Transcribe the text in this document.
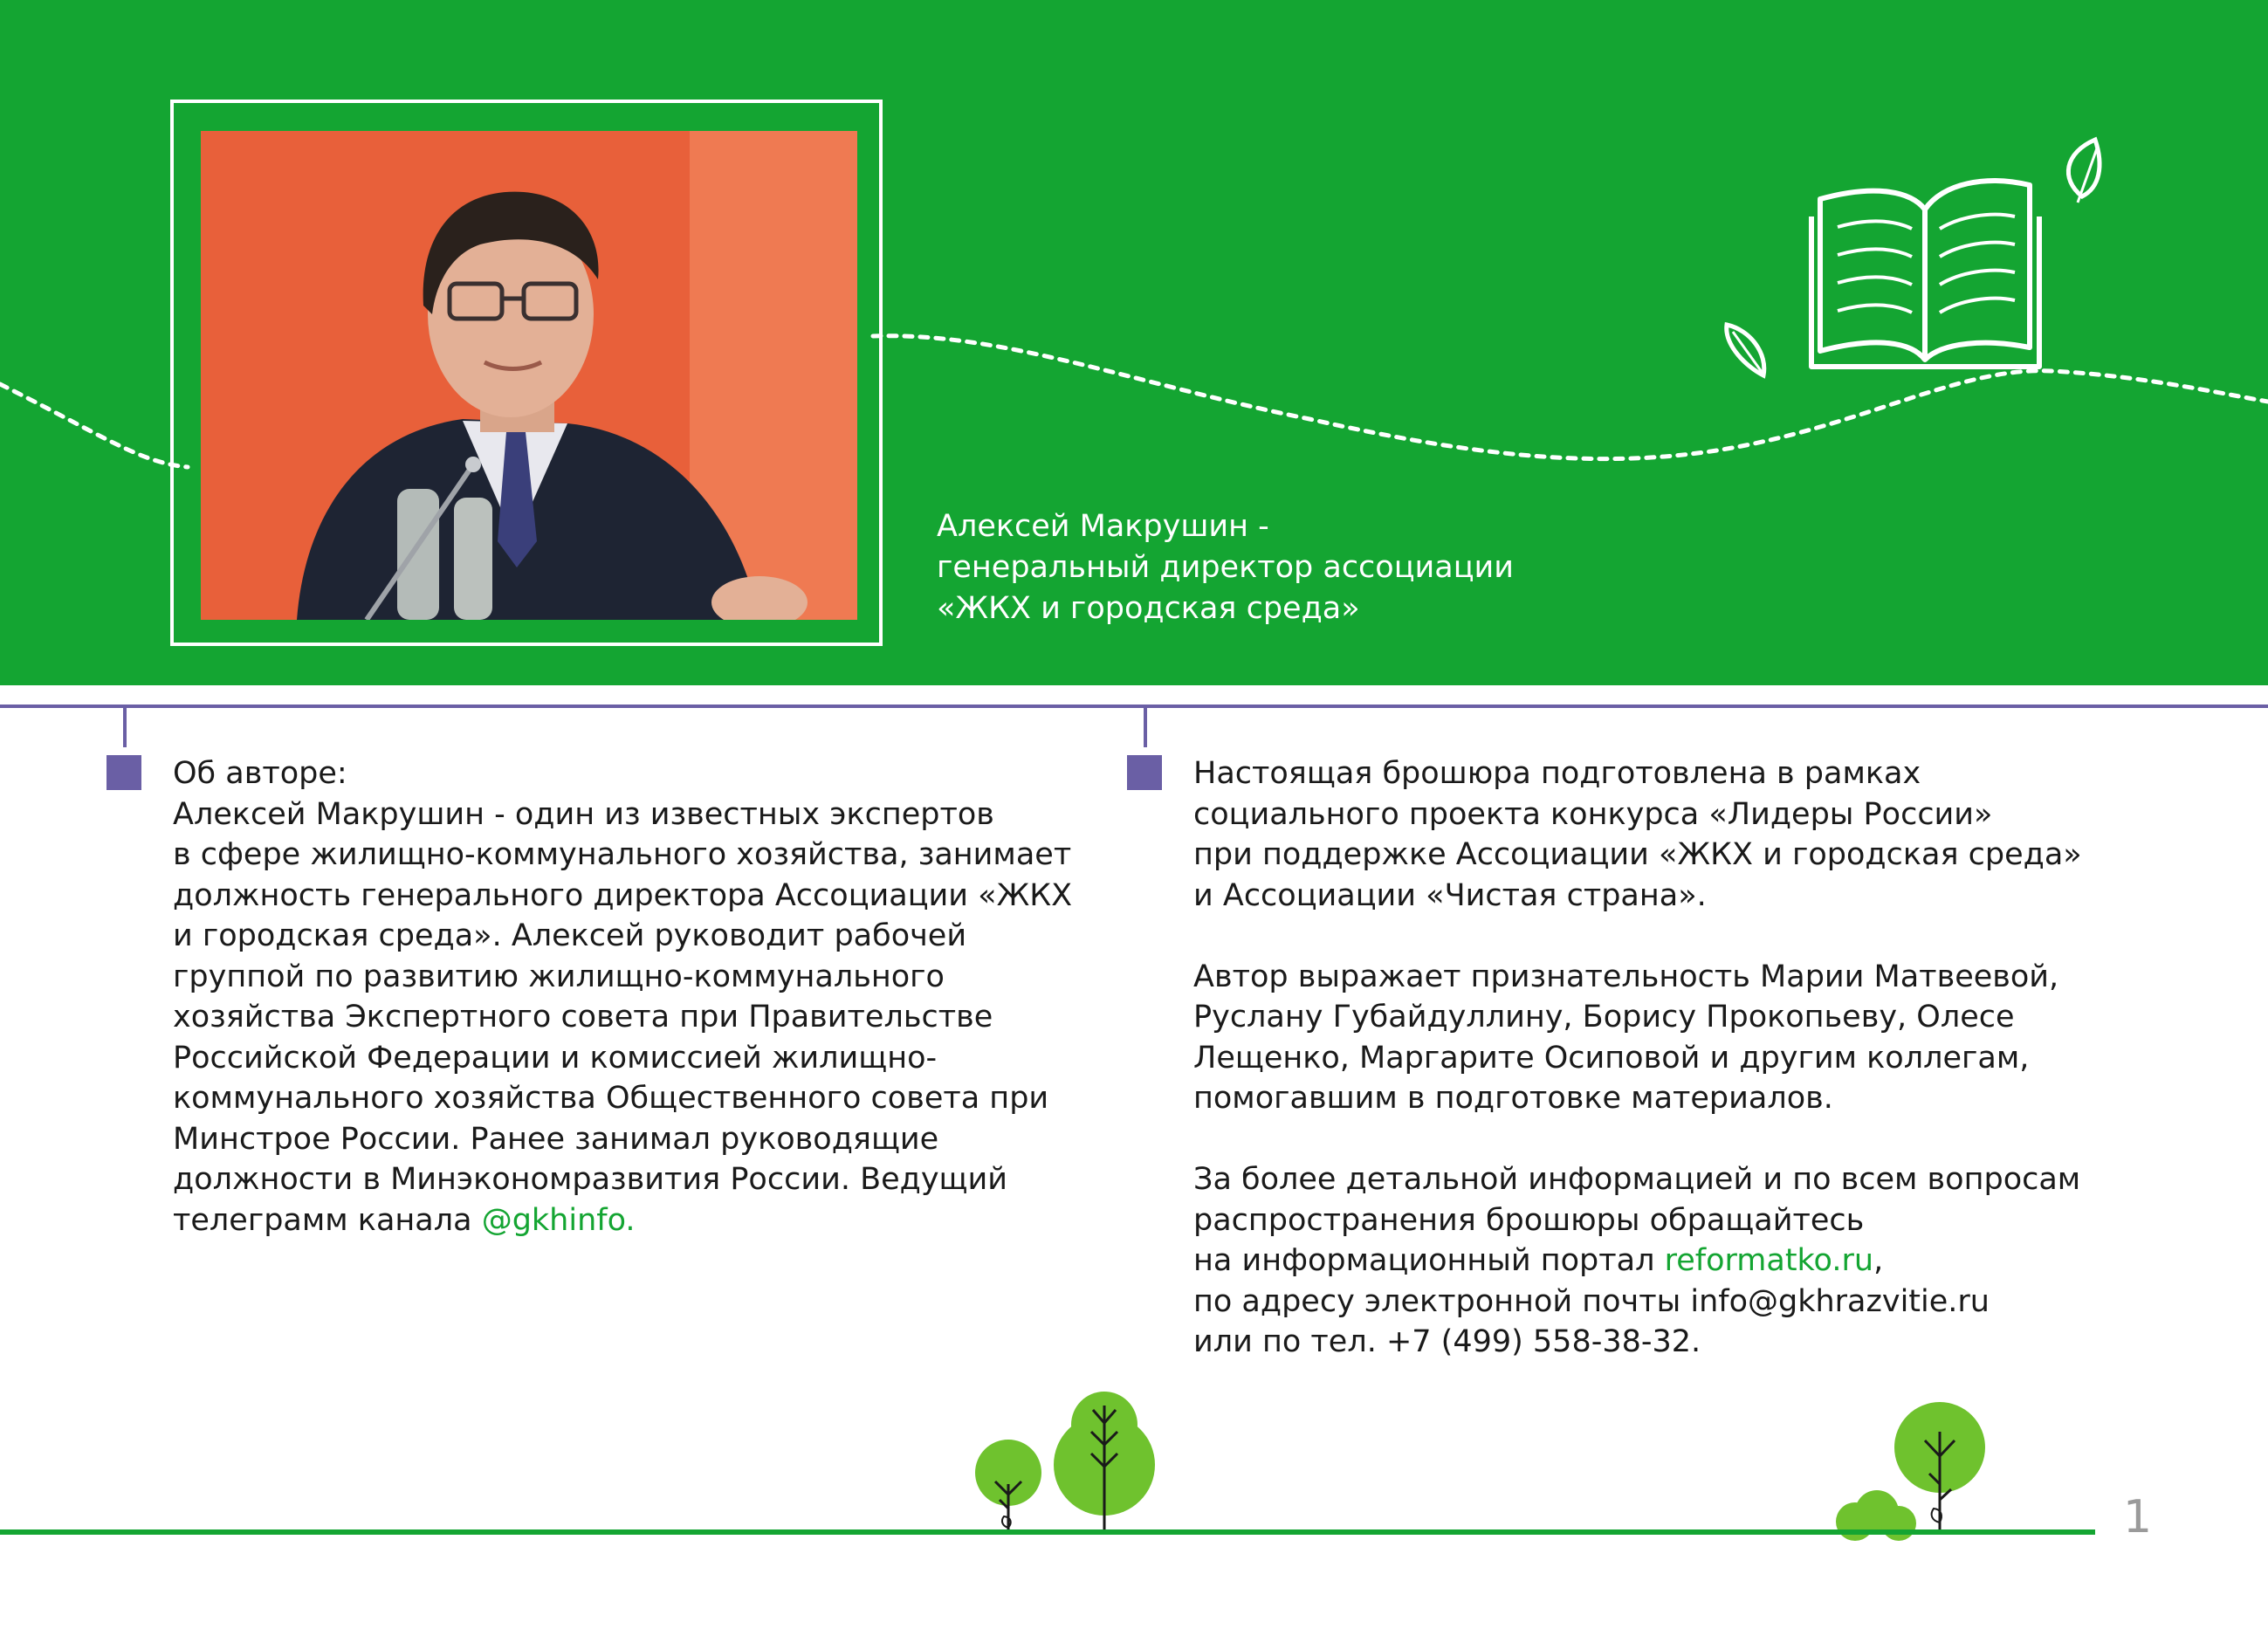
Алексей Макрушин -
генеральный директор ассоциации
«ЖКХ и городская среда»
Об авторе:
Алексей Макрушин - один из известных экспертов
в сфере жилищно-коммунального хозяйства, занимает
должность генерального директора Ассоциации «ЖКХ
и городская среда». Алексей руководит рабочей
группой по развитию жилищно-коммунального
хозяйства Экспертного совета при Правительстве
Российской Федерации и комиссией жилищно-
коммунального хозяйства Общественного совета при
Минстрое России. Ранее занимал руководящие
должности в Минэкономразвития России. Ведущий
телеграмм канала @gkhinfo.
Настоящая брошюра подготовлена в рамках
социального проекта конкурса «Лидеры России»
при поддержке Ассоциации «ЖКХ и городская среда»
и Ассоциации «Чистая страна».
Автор выражает признательность Марии Матвеевой,
Руслану Губайдуллину, Борису Прокопьеву, Олесе
Лещенко, Маргарите Осиповой и другим коллегам,
помогавшим в подготовке материалов.
За более детальной информацией и по всем вопросам
распространения брошюры обращайтесь
на информационный портал reformatko.ru,
по адресу электронной почты info@gkhrazvitie.ru
или по тел. +7 (499) 558-38-32.
1
